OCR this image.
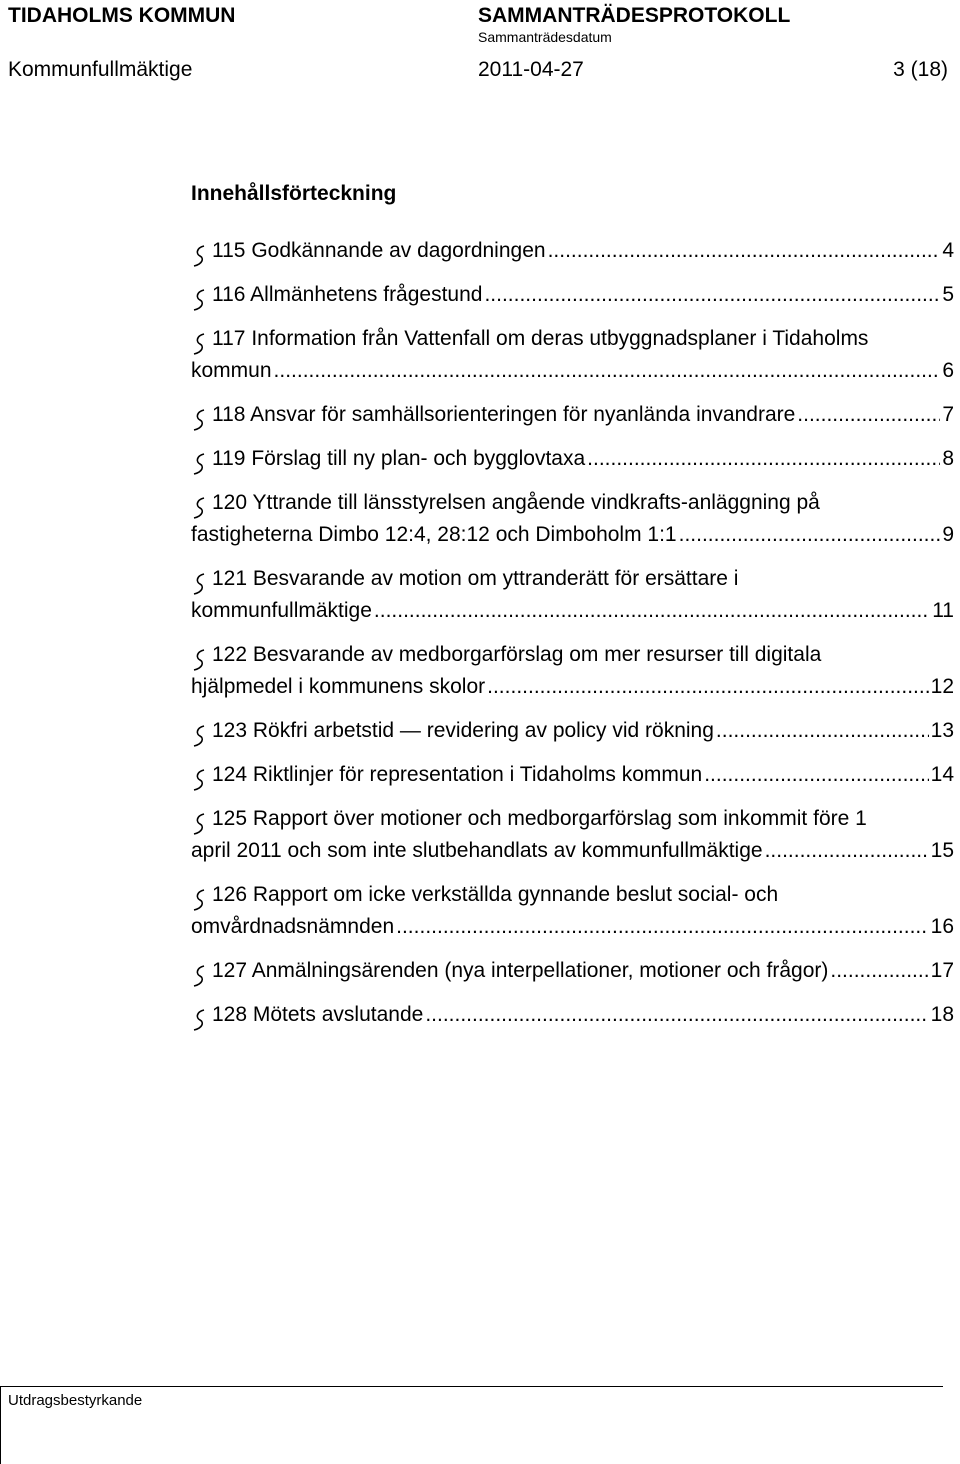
TIDAHOLMS KOMMUN	SAMMANTRÄDESPROTOKOLL
Sammanträdesdatum
Kommunfullmäktige	2011-04-27	3 (18)
Innehållsförteckning
115 Godkännande av dagordningen .....	4
116 Allmänhetens frågestund .....	5
117 Information från Vattenfall om deras utbyggnadsplaner i Tidaholms
kommun .....	6
118 Ansvar för samhällsorienteringen för nyanlända invandrare .....	7
119 Förslag till ny plan- och bygglovtaxa .....	8
120 Yttrande till länsstyrelsen angående vindkrafts-anläggning på
fastigheterna Dimbo 12:4, 28:12 och Dimboholm 1:1 .....	9
121 Besvarande av motion om yttranderätt för ersättare i
kommunfullmäktige .....	11
122 Besvarande av medborgarförslag om mer resurser till digitala
hjälpmedel i kommunens skolor .....	12
123 Rökfri arbetstid — revidering av policy vid rökning .....	13
124 Riktlinjer för representation i Tidaholms kommun .....	14
125 Rapport över motioner och medborgarförslag som inkommit före 1
april 2011 och som inte slutbehandlats av kommunfullmäktige .....	15
126 Rapport om icke verkställda gynnande beslut social- och
omvårdnadsnämnden .....	16
127 Anmälningsärenden (nya interpellationer, motioner och frågor) .....	17
128 Mötets avslutande .....	18
Utdragsbestyrkande
